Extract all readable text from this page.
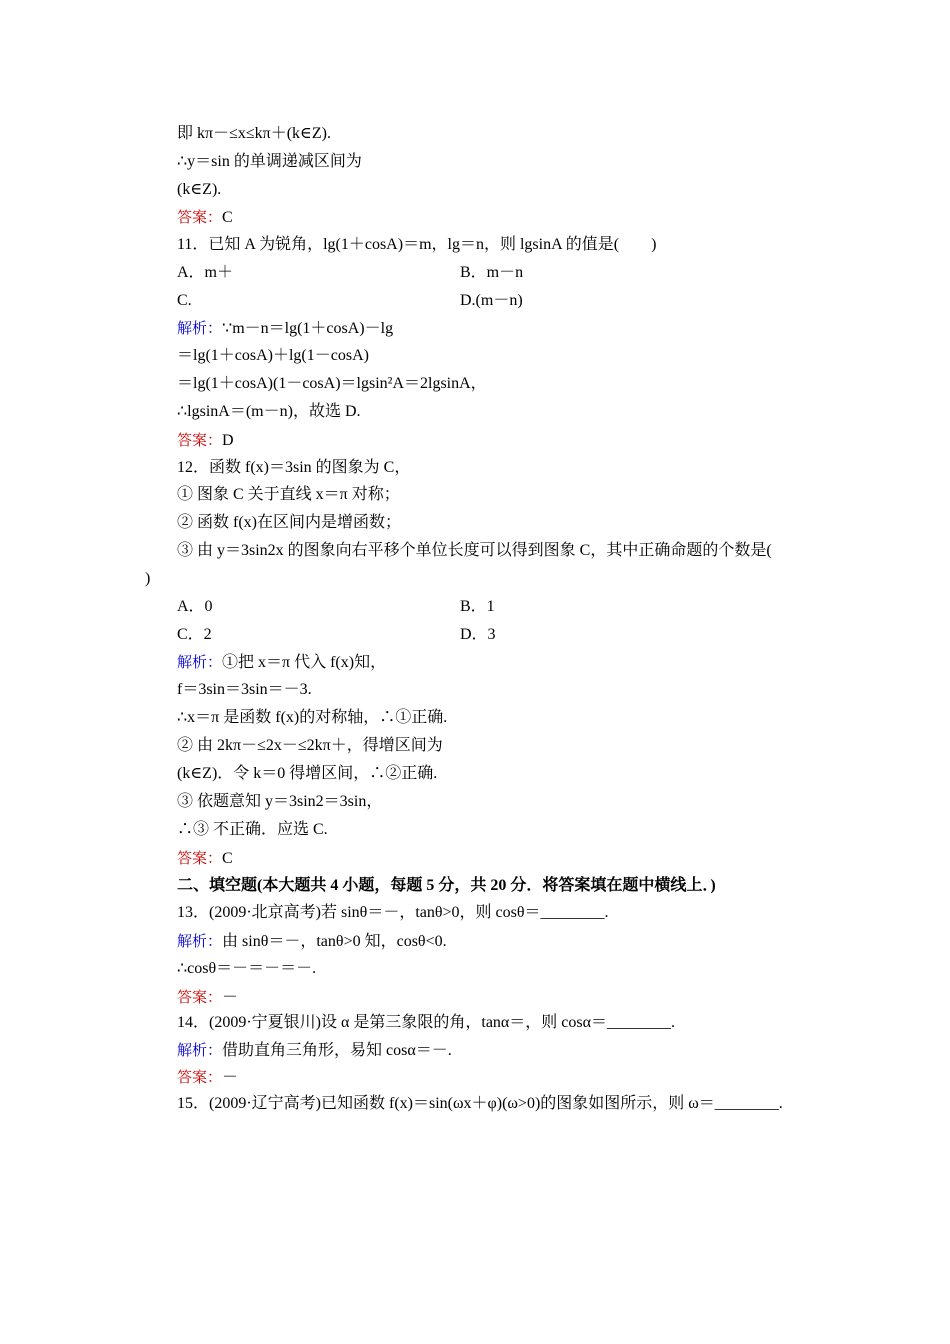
即 kπ－≤x≤kπ＋(k∈Z).
∴y＝sin 的单调递减区间为
(k∈Z).
答案：C
11．已知 A 为锐角，lg(1＋cosA)＝m，lg＝n，则 lgsinA 的值是(　　)
A．m＋	B．m－n
C.	D.(m－n)
解析：∵m－n＝lg(1＋cosA)－lg
＝lg(1＋cosA)＋lg(1－cosA)
＝lg(1＋cosA)(1－cosA)＝lgsin²A＝2lgsinA，
∴lgsinA＝(m－n)，故选 D.
答案：D
12．函数 f(x)＝3sin 的图象为 C，
① 图象 C 关于直线 x＝π 对称；
② 函数 f(x)在区间内是增函数；
③ 由 y＝3sin2x 的图象向右平移个单位长度可以得到图象 C，其中正确命题的个数是(
)
A．0	B．1
C．2	D．3
解析：①把 x＝π 代入 f(x)知，
f＝3sin＝3sin＝－3.
∴x＝π 是函数 f(x)的对称轴，∴①正确.
② 由 2kπ－≤2x－≤2kπ＋，得增区间为
(k∈Z)．令 k＝0 得增区间，∴②正确.
③ 依题意知 y＝3sin2＝3sin，
∴③ 不正确．应选 C.
答案：C
二、填空题(本大题共 4 小题，每题 5 分，共 20 分．将答案填在题中横线上．)
13．(2009·北京高考)若 sinθ＝－，tanθ>0，则 cosθ＝________.
解析：由 sinθ＝－，tanθ>0 知，cosθ<0.
∴cosθ＝－＝－＝－.
答案：－
14．(2009·宁夏银川)设 α 是第三象限的角，tanα＝，则 cosα＝________.
解析：借助直角三角形，易知 cosα＝－.
答案：－
15．(2009·辽宁高考)已知函数 f(x)＝sin(ωx＋φ)(ω>0)的图象如图所示，则 ω＝________.
